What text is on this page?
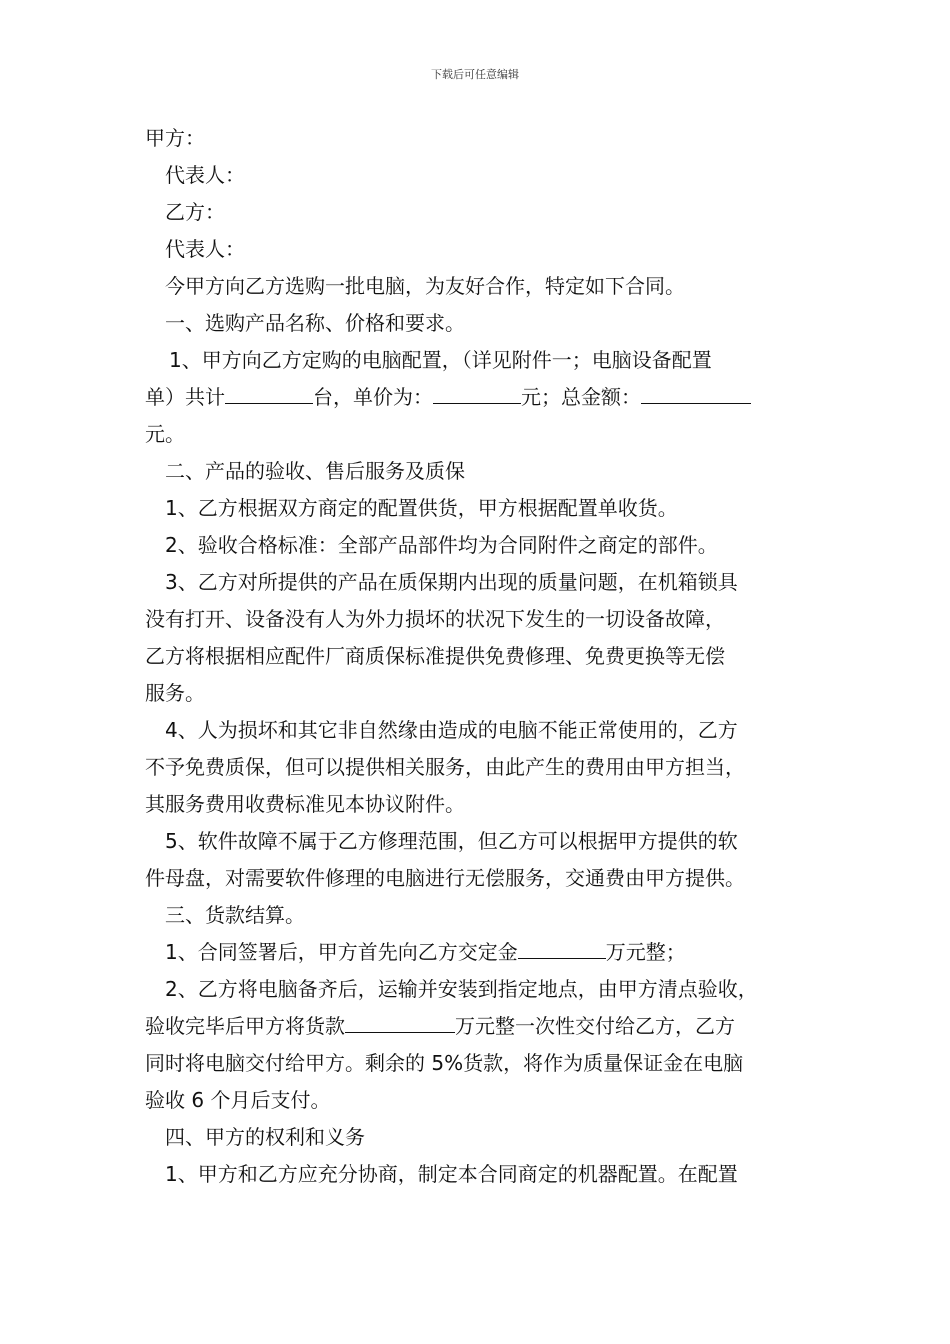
下载后可任意编辑

甲方：

代表人：

乙方：

代表人：

今甲方向乙方选购一批电脑，为友好合作，特定如下合同。

一、选购产品名称、价格和要求。

1、甲方向乙方定购的电脑配置，（详见附件一；电脑设备配置

单）共计	台，单价为：	元；总金额：

元。

二、产品的验收、售后服务及质保

1、乙方根据双方商定的配置供货，甲方根据配置单收货。

2、验收合格标准：全部产品部件均为合同附件之商定的部件。

3、乙方对所提供的产品在质保期内出现的质量问题，在机箱锁具

没有打开、设备没有人为外力损坏的状况下发生的一切设备故障，

乙方将根据相应配件厂商质保标准提供免费修理、免费更换等无偿

服务。

4、人为损坏和其它非自然缘由造成的电脑不能正常使用的，乙方

不予免费质保，但可以提供相关服务，由此产生的费用由甲方担当，

其服务费用收费标准见本协议附件。

5、软件故障不属于乙方修理范围，但乙方可以根据甲方提供的软

件母盘，对需要软件修理的电脑进行无偿服务，交通费由甲方提供。

三、货款结算。

1、合同签署后，甲方首先向乙方交定金	万元整；

2、乙方将电脑备齐后，运输并安装到指定地点，由甲方清点验收，

验收完毕后甲方将货款	万元整一次性交付给乙方，乙方

同时将电脑交付给甲方。剩余的 5%货款，将作为质量保证金在电脑

验收 6 个月后支付。

四、甲方的权利和义务

1、甲方和乙方应充分协商，制定本合同商定的机器配置。在配置
